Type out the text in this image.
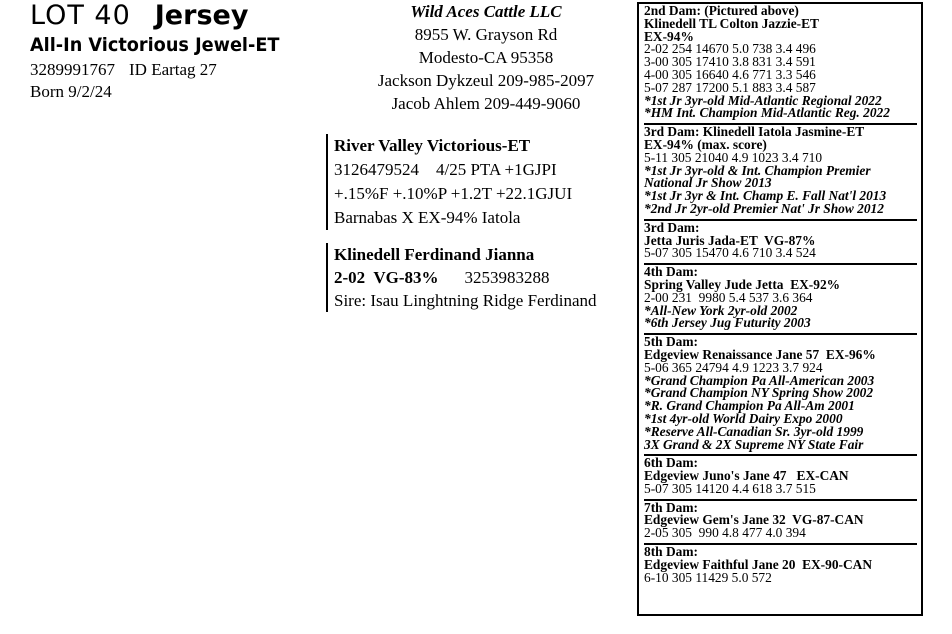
LOT 40 Jersey
All-In Victorious Jewel-ET
3289991767 ID Eartag 27
Born 9/2/24
Wild Aces Cattle LLC
8955 W. Grayson Rd
Modesto-CA 95358
Jackson Dykzeul 209-985-2097
Jacob Ahlem 209-449-9060
River Valley Victorious-ET
3126479524    4/25 PTA +1GJPI
+.15%F +.10%P +1.2T +22.1GJUI
Barnabas X EX-94% Iatola
Klinedell Ferdinand Jianna
2-02  VG-83% 3253983288
Sire: Isau Linghtning Ridge Ferdinand
2nd Dam: (Pictured above)
Klinedell TL Colton Jazzie-ET
EX-94%
2-02 254 14670 5.0 738 3.4 496
3-00 305 17410 3.8 831 3.4 591
4-00 305 16640 4.6 771 3.3 546
5-07 287 17200 5.1 883 3.4 587
*1st Jr 3yr-old Mid-Atlantic Regional 2022
*HM Int. Champion Mid-Atlantic Reg. 2022
3rd Dam: Klinedell Iatola Jasmine-ET
EX-94% (max. score)
5-11 305 21040 4.9 1023 3.4 710
*1st Jr 3yr-old & Int. Champion Premier
National Jr Show 2013
*1st Jr 3yr & Int. Champ E. Fall Nat'l 2013
*2nd Jr 2yr-old Premier Nat' Jr Show 2012
3rd Dam:
Jetta Juris Jada-ET  VG-87%
5-07 305 15470 4.6 710 3.4 524
4th Dam:
Spring Valley Jude Jetta  EX-92%
2-00 231  9980 5.4 537 3.6 364
*All-New York 2yr-old 2002
*6th Jersey Jug Futurity 2003
5th Dam:
Edgeview Renaissance Jane 57  EX-96%
5-06 365 24794 4.9 1223 3.7 924
*Grand Champion Pa All-American 2003
*Grand Champion NY Spring Show 2002
*R. Grand Champion Pa All-Am 2001
*1st 4yr-old World Dairy Expo 2000
*Reserve All-Canadian Sr. 3yr-old 1999
3X Grand & 2X Supreme NY State Fair
6th Dam:
Edgeview Juno's Jane 47   EX-CAN
5-07 305 14120 4.4 618 3.7 515
7th Dam:
Edgeview Gem's Jane 32  VG-87-CAN
2-05 305  990 4.8 477 4.0 394
8th Dam:
Edgeview Faithful Jane 20  EX-90-CAN
6-10 305 11429 5.0 572
